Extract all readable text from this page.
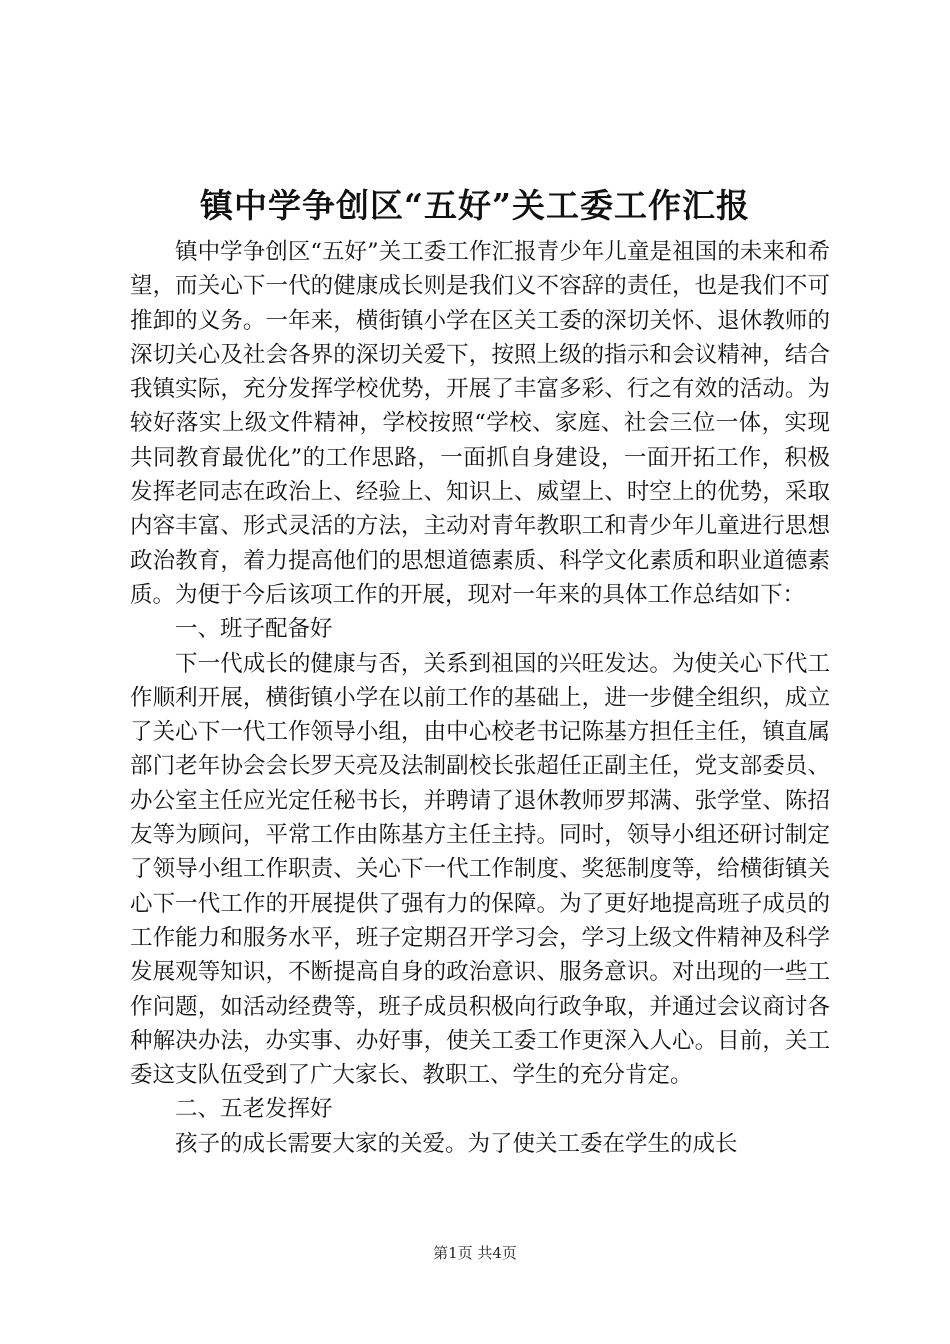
镇中学争创区“五好”关工委工作汇报

镇中学争创区“五好”关工委工作汇报青少年儿童是祖国的未来和希望，而关心下一代的健康成长则是我们义不容辞的责任，也是我们不可推卸的义务。一年来，横街镇小学在区关工委的深切关怀、退休教师的深切关心及社会各界的深切关爱下，按照上级的指示和会议精神，结合我镇实际，充分发挥学校优势，开展了丰富多彩、行之有效的活动。为较好落实上级文件精神，学校按照“学校、家庭、社会三位一体，实现共同教育最优化”的工作思路，一面抓自身建设，一面开拓工作，积极发挥老同志在政治上、经验上、知识上、威望上、时空上的优势，采取内容丰富、形式灵活的方法，主动对青年教职工和青少年儿童进行思想政治教育，着力提高他们的思想道德素质、科学文化素质和职业道德素质。为便于今后该项工作的开展，现对一年来的具体工作总结如下：

一、班子配备好

下一代成长的健康与否，关系到祖国的兴旺发达。为使关心下代工作顺利开展，横街镇小学在以前工作的基础上，进一步健全组织，成立了关心下一代工作领导小组，由中心校老书记陈基方担任主任，镇直属部门老年协会会长罗天亮及法制副校长张超任正副主任，党支部委员、办公室主任应光定任秘书长，并聘请了退休教师罗邦满、张学堂、陈招友等为顾问，平常工作由陈基方主任主持。同时，领导小组还研讨制定了领导小组工作职责、关心下一代工作制度、奖惩制度等，给横街镇关心下一代工作的开展提供了强有力的保障。为了更好地提高班子成员的工作能力和服务水平，班子定期召开学习会，学习上级文件精神及科学发展观等知识，不断提高自身的政治意识、服务意识。对出现的一些工作问题，如活动经费等，班子成员积极向行政争取，并通过会议商讨各种解决办法，办实事、办好事，使关工委工作更深入人心。目前，关工委这支队伍受到了广大家长、教职工、学生的充分肯定。

二、五老发挥好

孩子的成长需要大家的关爱。为了使关工委在学生的成长

第1页 共4页
